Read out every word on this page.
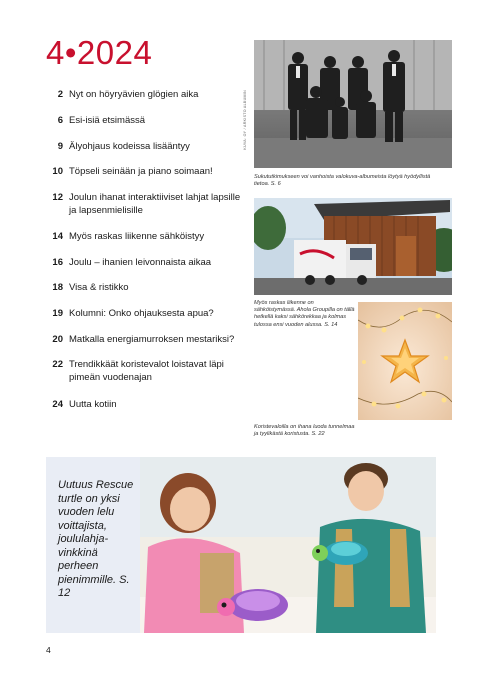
4•2024
2 Nyt on höyryävien glögien aika
6 Esi-isiä etsimässä
9 Älyohjaus kodeissa lisääntyy
10 Töpseli seinään ja piano soimaan!
12 Joulun ihanat interaktiiviset lahjat lapsille ja lapsenmielisille
14 Myös raskas liikenne sähköistyy
16 Joulu – ihanien leivonnaista aikaa
18 Visa & ristikko
19 Kolumni: Onko ohjauksesta apua?
20 Matkalla energiamurroksen mestariksi?
22 Trendikkäät koristevalot loistavat läpi pimeän vuodenajan
24 Uutta kotiin
KUVA: OY / ARKISTO ALBUMIN
Sukututkimukseen voi vanhoista valokuva-albumeista löytyä hyödyllistä tietoa. S. 6
Myös raskas liikenne on sähköistymässä. Ahola Groupilla on tällä hetkellä kaksi sähkörekkaa ja kolmas tulossa ensi vuoden alussa. S. 14
Koristevaloilla on ihana luoda tunnelmaa ja tyylikästä koristusta. S. 22
Uutuus Rescue turtle on yksi vuoden lelu voittajista, joululahja-vinkkinä perheen pienimmille. S. 12
4
